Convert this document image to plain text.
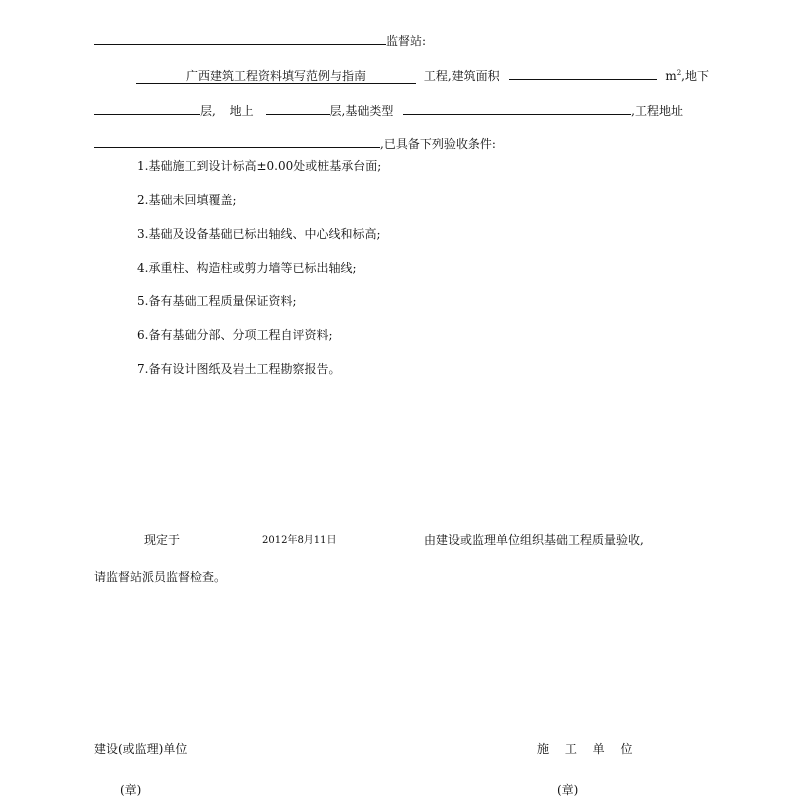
监督站:
广西建筑工程资料填写范例与指南	工程,建筑面积	$m^2$,地下
层, 地上	层,基础类型	,工程地址
,已具备下列验收条件:
1.基础施工到设计标高±0.00处或桩基承台面;
2.基础未回填覆盖;
3.基础及设备基础已标出轴线、中心线和标高;
4.承重柱、构造柱或剪力墙等已标出轴线;
5.备有基础工程质量保证资料;
6.备有基础分部、分项工程自评资料;
7.备有设计图纸及岩土工程勘察报告。
现定于	2012年8月11日	由建设或监理单位组织基础工程质量验收,
请监督站派员监督检查。
建设(或监理)单位	施 工 单 位
(章)	(章)
